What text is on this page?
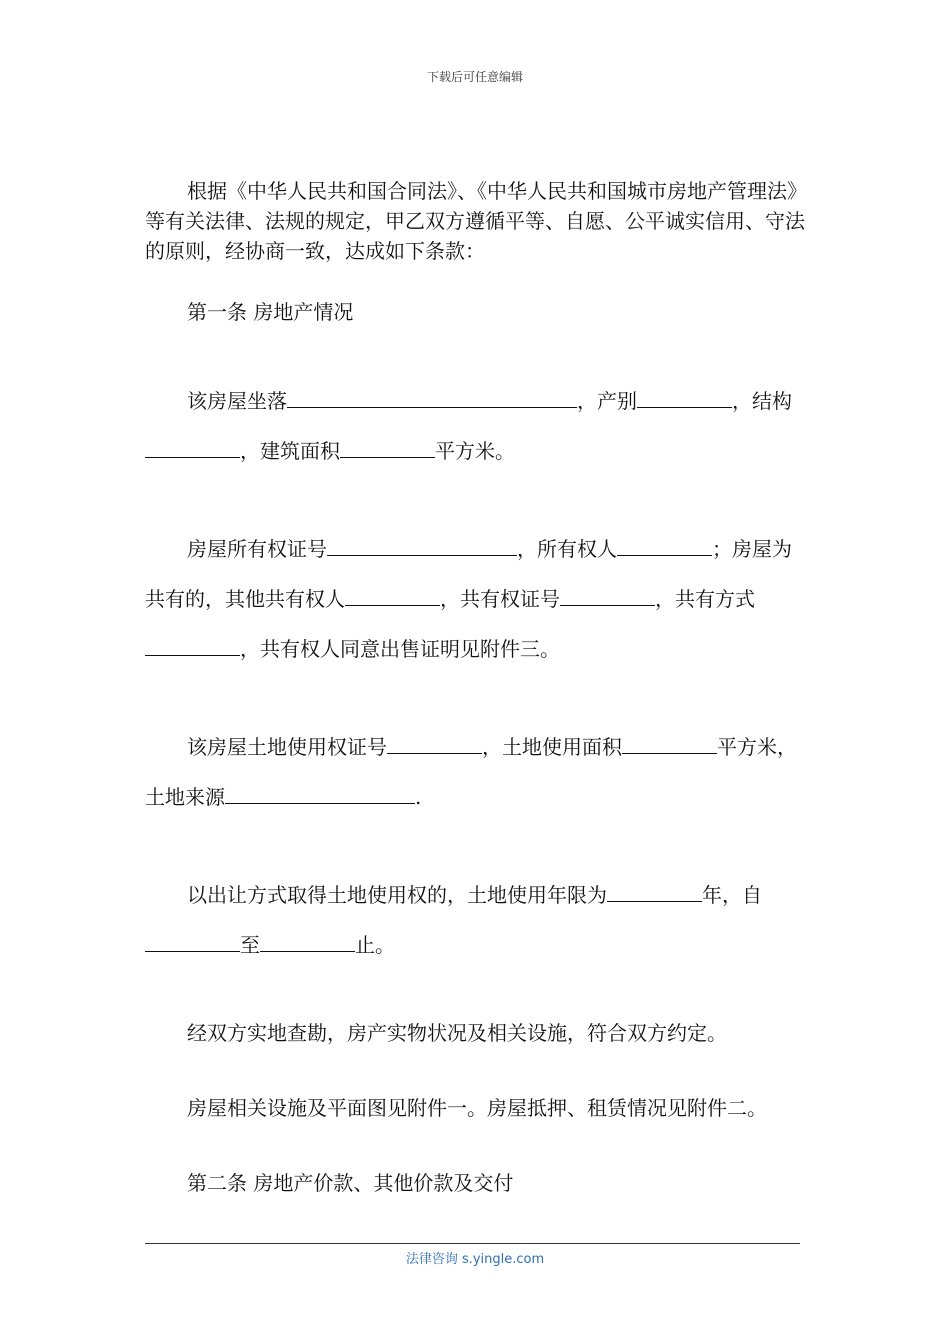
下载后可任意编辑

根据《中华人民共和国合同法》、《中华人民共和国城市房地产管理法》等有关法律、法规的规定，甲乙双方遵循平等、自愿、公平诚实信用、守法的原则，经协商一致，达成如下条款：

第一条 房地产情况

该房屋坐落	，产别	，结构，建筑面积	平方米。

房屋所有权证号	，所有权人	；房屋为共有的，其他共有权人	，共有权证号	，共有方式，共有权人同意出售证明见附件三。

该房屋土地使用权证号	，土地使用面积	平方米，土地来源	.

以出让方式取得土地使用权的，土地使用年限为	年，自至	止。

经双方实地查勘，房产实物状况及相关设施，符合双方约定。

房屋相关设施及平面图见附件一。房屋抵押、租赁情况见附件二。

第二条 房地产价款、其他价款及交付

法律咨询 s.yingle.com
